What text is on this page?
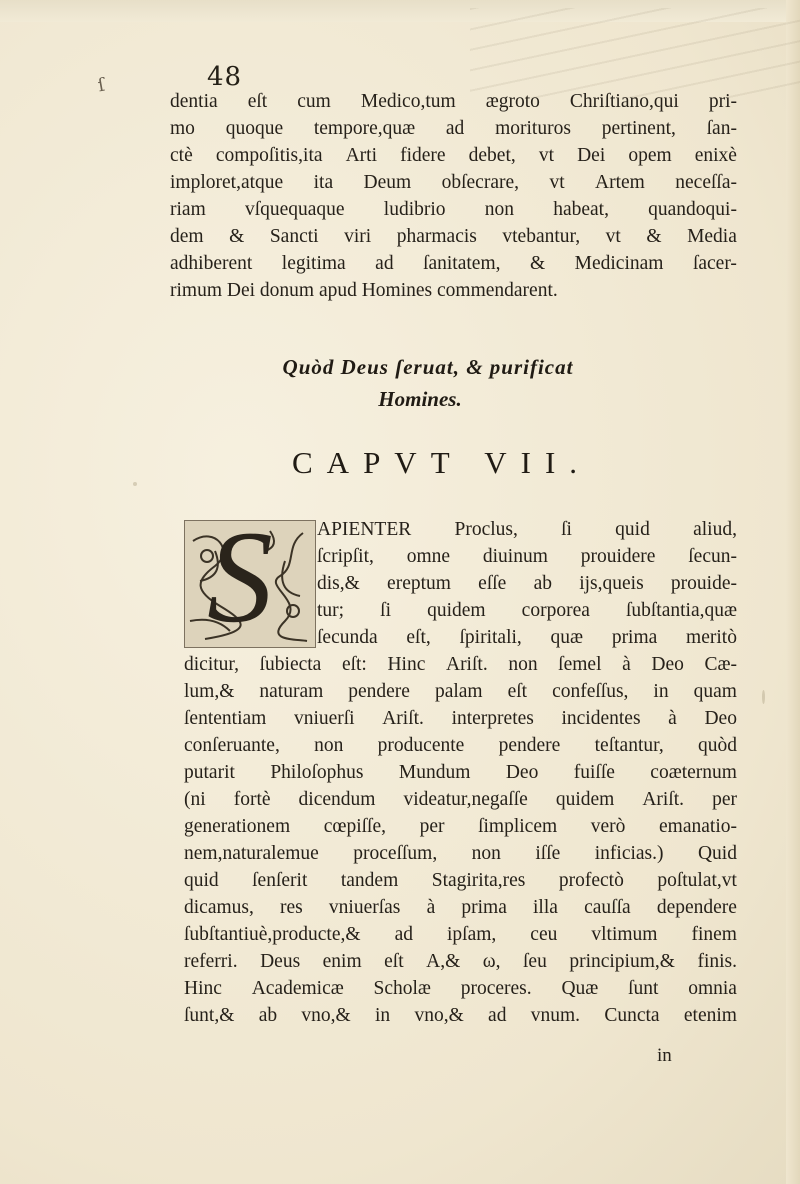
ſ	48
dentia eſt cum Medico,tum ægroto Chriſtiano,qui pri-
mo quoque tempore,quæ ad morituros pertinent, ſan-
ctè compoſitis,ita Arti fidere debet, vt Dei opem enixè
imploret,atque ita Deum obſecrare, vt Artem neceſſa-
riam vſquequaque ludibrio non habeat, quandoqui-
dem & Sancti viri pharmacis vtebantur, vt & Media
adhiberent legitima ad ſanitatem, & Medicinam ſacer-
rimum Dei donum apud Homines commendarent.
Quòd Deus ſeruat, & purificat
Homines.
CAPVT VII.
S APIENTER Proclus, ſi quid aliud,
ſcripſit, omne diuinum prouidere ſecun-
dis,& ereptum eſſe ab ijs,queis prouide-
tur; ſi quidem corporea ſubſtantia,quæ
ſecunda eſt, ſpiritali, quæ prima meritò
dicitur, ſubiecta eſt: Hinc Ariſt. non ſemel à Deo Cæ-
lum,& naturam pendere palam eſt confeſſus, in quam
ſententiam vniuerſi Ariſt. interpretes incidentes à Deo
conſeruante, non producente pendere teſtantur, quòd
putarit Philoſophus Mundum Deo fuiſſe coæternum
(ni fortè dicendum videatur,negaſſe quidem Ariſt. per
generationem cœpiſſe, per ſimplicem verò emanatio-
nem,naturalemue proceſſum, non iſſe inficias.) Quid
quid ſenſerit tandem Stagirita,res profectò poſtulat,vt
dicamus, res vniuerſas à prima illa cauſſa dependere
ſubſtantiuè,producte,& ad ipſam, ceu vltimum finem
referri. Deus enim eſt A,& ω, ſeu principium,& finis.
Hinc Academicæ Scholæ proceres. Quæ ſunt omnia
ſunt,& ab vno,& in vno,& ad vnum. Cuncta etenim
in
